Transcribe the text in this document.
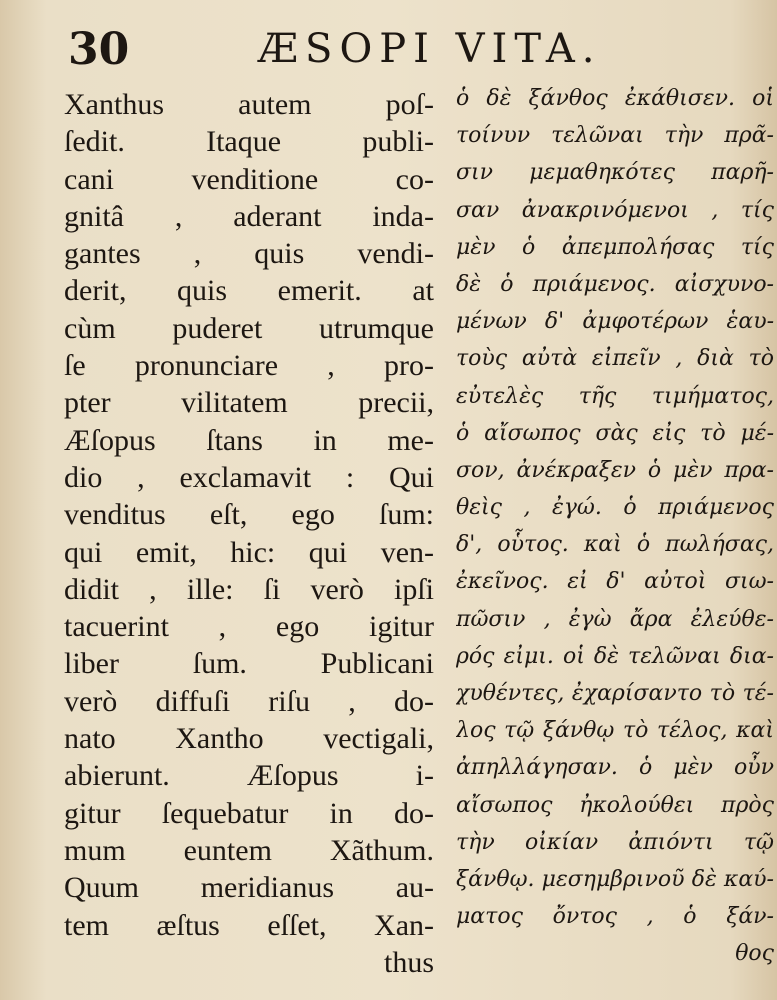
30	ÆSOPI VITA.
Xanthus autem poſ-
ſedit. Itaque publi-
cani venditione co-
gnitâ , aderant inda-
gantes , quis vendi-
derit, quis emerit. at
cùm puderet utrumque
ſe pronunciare , pro-
pter vilitatem precii,
Æſopus ſtans in me-
dio , exclamavit : Qui
venditus eſt, ego ſum:
qui emit, hic: qui ven-
didit , ille: ſi verò ipſi
tacuerint , ego igitur
liber ſum. Publicani
verò diffuſi riſu , do-
nato Xantho vectigali,
abierunt. Æſopus i-
gitur ſequebatur in do-
mum euntem Xãthum.
Quum meridianus au-
tem æſtus eſſet, Xan-
thus
ὁ δὲ ξάνθος ἐκάθισεν. οἱ
τοίνυν τελῶναι τὴν πρᾶ-
σιν μεμαθηκότες παρῆ-
σαν ἀνακρινόμενοι , τίς
μὲν ὁ ἀπεμπολήσας τίς
δὲ ὁ πριάμενος. αἰσχυνο-
μένων δ' ἀμφοτέρων ἑαυ-
τοὺς αὐτὰ εἰπεῖν , διὰ τὸ
εὐτελὲς τῆς τιμήματος,
ὁ αἴσωπος σὰς εἰς τὸ μέ-
σον, ἀνέκραξεν ὁ μὲν πρα-
θεὶς , ἐγώ. ὁ πριάμενος
δ', οὗτος. καὶ ὁ πωλήσας,
ἐκεῖνος. εἰ δ' αὐτοὶ σιω-
πῶσιν , ἐγὼ ἄρα ἐλεύθε-
ρός εἰμι. οἱ δὲ τελῶναι δια-
χυθέντες, ἐχαρίσαντο τὸ τέ-
λος τῷ ξάνθῳ τὸ τέλος, καὶ
ἀπηλλάγησαν. ὁ μὲν οὖν
αἴσωπος ἠκολούθει πρὸς
τὴν οἰκίαν ἀπιόντι τῷ
ξάνθῳ. μεσημβρινοῦ δὲ καύ-
ματος ὄντος , ὁ ξάν-
θος
